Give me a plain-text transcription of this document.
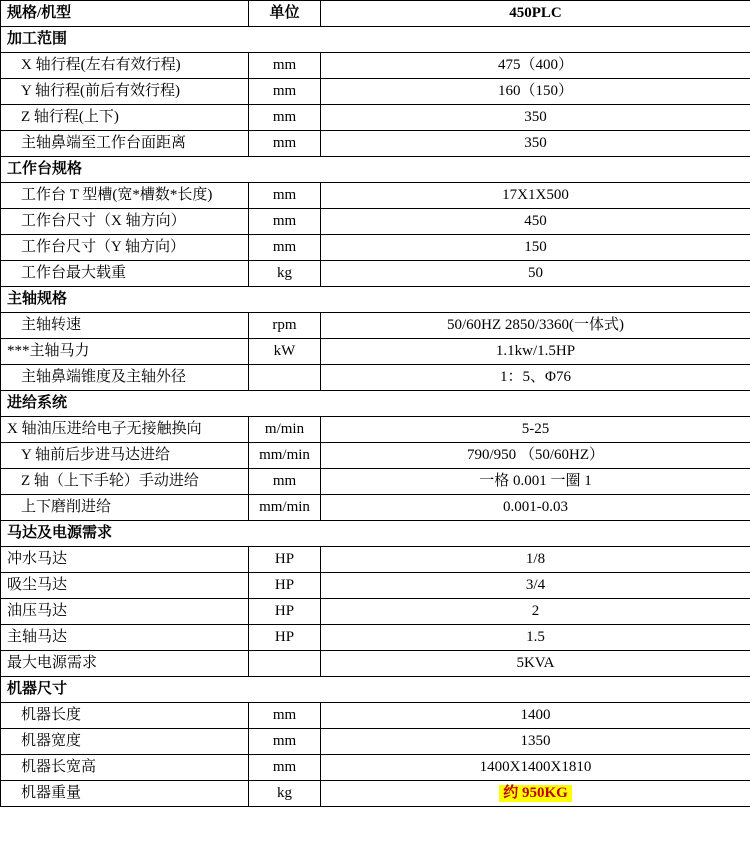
规格/机型	单位	450PLC

加工范围		

X 轴行程(左右有效行程)	mm	475（400）

Y 轴行程(前后有效行程)	mm	160（150）

Z 轴行程(上下)	mm	350

主轴鼻端至工作台面距离	mm	350

工作台规格		

工作台 T 型槽(宽*槽数*长度)	mm	17X1X500

工作台尺寸（X 轴方向）	mm	450

工作台尺寸（Y 轴方向）	mm	150

工作台最大载重	kg	50

主轴规格		

主轴转速	rpm	50/60HZ 2850/3360(一体式)

***主轴马力	kW	1.1kw/1.5HP

主轴鼻端锥度及主轴外径		1：5、Φ76

进给系统		

X 轴油压进给电子无接触换向	m/min	5-25

Y 轴前后步进马达进给	mm/min	790/950 （50/60HZ）

Z 轴（上下手轮）手动进给	mm	一格 0.001 一圈 1

上下磨削进给	mm/min	0.001-0.03

马达及电源需求		

冲水马达	HP	1/8

吸尘马达	HP	3/4

油压马达	HP	2

主轴马达	HP	1.5

最大电源需求		5KVA

机器尺寸		

机器长度	mm	1400

机器宽度	mm	1350

机器长宽高	mm	1400X1400X1810

机器重量	kg	约 950KG
